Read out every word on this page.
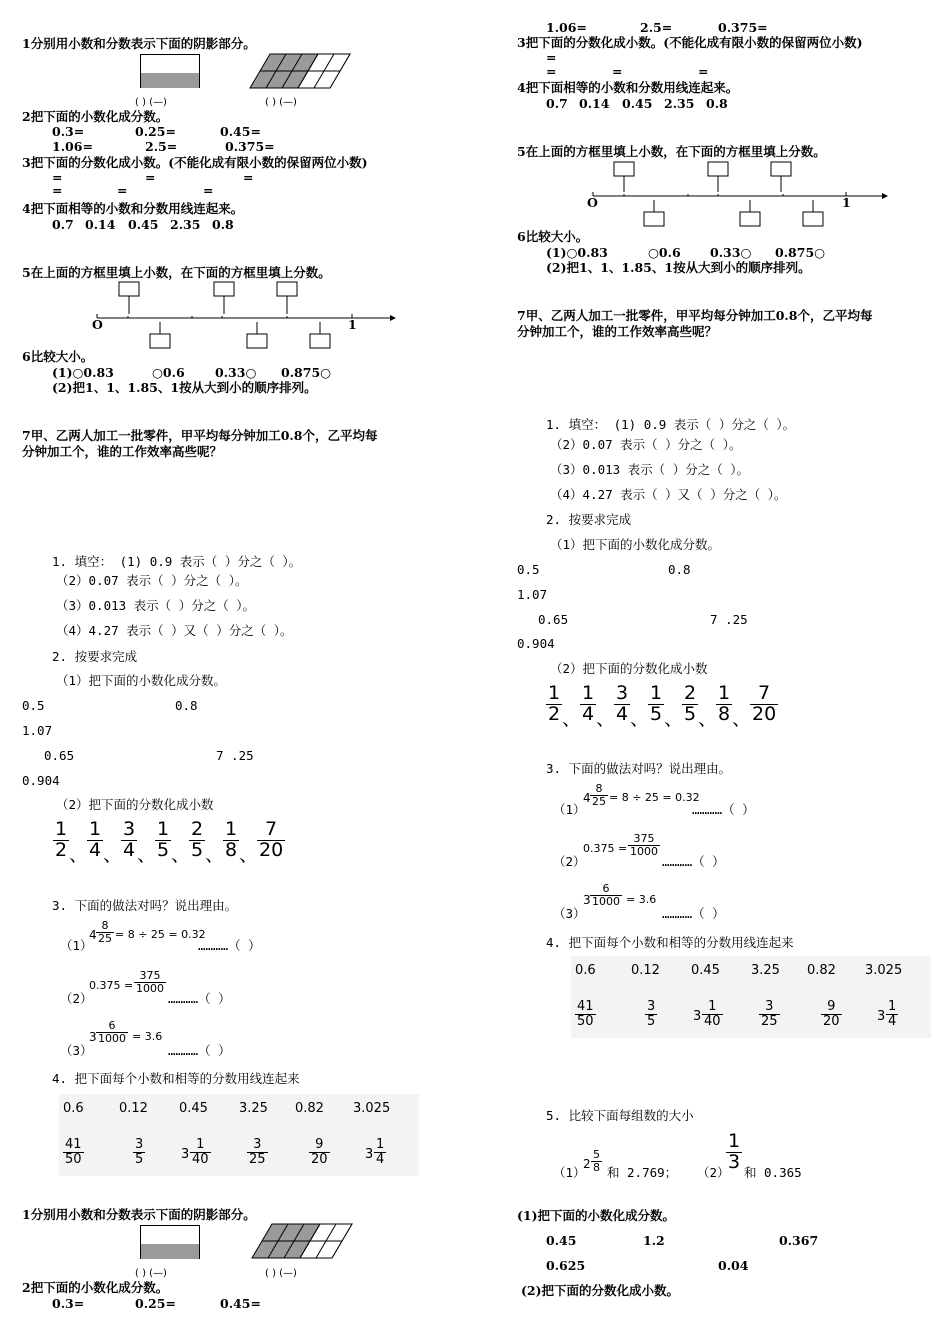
1分别用小数和分数表示下面的阴影部分。
( ) (—)	( ) (—)
2把下面的小数化成分数。
0.3=	0.25=	0.45=
1.06=	2.5=	0.375=
3把下面的分数化成小数。(不能化成有限小数的保留两位小数)
=	=
=	=
=
=
4把下面相等的小数和分数用线连起来。
0.7 0.14 0.45 2.35 0.8
5在上面的方框里填上小数，在下面的方框里填上分数。
O	1
6比较大小。
(1)○0.83	○0.6 0.33○ 0.875○
(2)把1、1、1.85、1按从大到小的顺序排列。
7甲、乙两人加工一批零件，甲平均每分钟加工0.8个，乙平均每
分钟加工个，谁的工作效率高些呢？
1.06=	2.5=	0.375=
3把下面的分数化成小数。(不能化成有限小数的保留两位小数)
=
=	=	=
4把下面相等的小数和分数用线连起来。
0.7 0.14 0.45 2.35 0.8
5在上面的方框里填上小数，在下面的方框里填上分数。
O	1
6比较大小。
(1)○0.83	○0.6 0.33○ 0.875○
(2)把1、1、1.85、1按从大到小的顺序排列。
7甲、乙两人加工一批零件，甲平均每分钟加工0.8个，乙平均每
分钟加工个，谁的工作效率高些呢？
1. 填空： (1) 0.9 表示（ ）分之（ ）。
（2）0.07 表示（ ）分之（ ）。
（3）0.013 表示（ ）分之（ ）。
（4）4.27 表示（ ）又（ ）分之（ ）。
2. 按要求完成
（1）把下面的小数化成分数。
0.5	0.8
1.07
0.65	7 .25
0.904
（2）把下面的分数化成小数
$\frac{1}{2}$ 、
$\frac{1}{4}$ 、
$\frac{3}{4}$ 、
$\frac{1}{5}$ 、
$\frac{2}{5}$ 、
$\frac{1}{8}$ 、
$\frac{7}{20}$
3. 下面的做法对吗？说出理由。
（1）
$4 \frac{8}{25} = 8 \div 25 = 0.32$
…………（ ）
（2）
$0.375 = \frac{375}{1000}$
…………（ ）
（3）
$3 \frac{6}{1000} = 3.6$
…………（ ）
4. 把下面每个小数和相等的分数用线连起来
0.6	0.12 0.45 3.25 0.82 3.025
$\frac{41}{50}$	$\frac{3}{5}$	$3 \frac{1}{40}$	$\frac{3}{25}$	$\frac{9}{20}$	$3 \frac{1}{4}$
1. 填空： (1) 0.9 表示（ ）分之（ ）。
（2）0.07 表示（ ）分之（ ）。
（3）0.013 表示（ ）分之（ ）。
（4）4.27 表示（ ）又（ ）分之（ ）。
2. 按要求完成
（1）把下面的小数化成分数。
0.5	0.8
1.07
0.65	7 .25
0.904
（2）把下面的分数化成小数
$\frac{1}{2}$ 、
$\frac{1}{4}$ 、
$\frac{3}{4}$ 、
$\frac{1}{5}$ 、
$\frac{2}{5}$ 、
$\frac{1}{8}$ 、
$\frac{7}{20}$
3. 下面的做法对吗？说出理由。
（1）
$4 \frac{8}{25} = 8 \div 25 = 0.32$
…………（ ）
（2）
$0.375 = \frac{375}{1000}$
…………（ ）
（3）
$3 \frac{6}{1000} = 3.6$
…………（ ）
4. 把下面每个小数和相等的分数用线连起来
0.6	0.12 0.45 3.25 0.82 3.025
$\frac{41}{50}$	$\frac{3}{5}$	$3 \frac{1}{40}$	$\frac{3}{25}$	$\frac{9}{20}$	$3 \frac{1}{4}$
5. 比较下面每组数的大小
（1）
$2 \frac{5}{8}$ 和 2.769； （2）
$\frac{1}{3}$ 和 0.365
(1)把下面的小数化成分数。
0.45	1.2	0.367
0.625	0.04
(2)把下面的分数化成小数。
1分别用小数和分数表示下面的阴影部分。
( ) (—)	( ) (—)
2把下面的小数化成分数。
0.3=	0.25=	0.45=
